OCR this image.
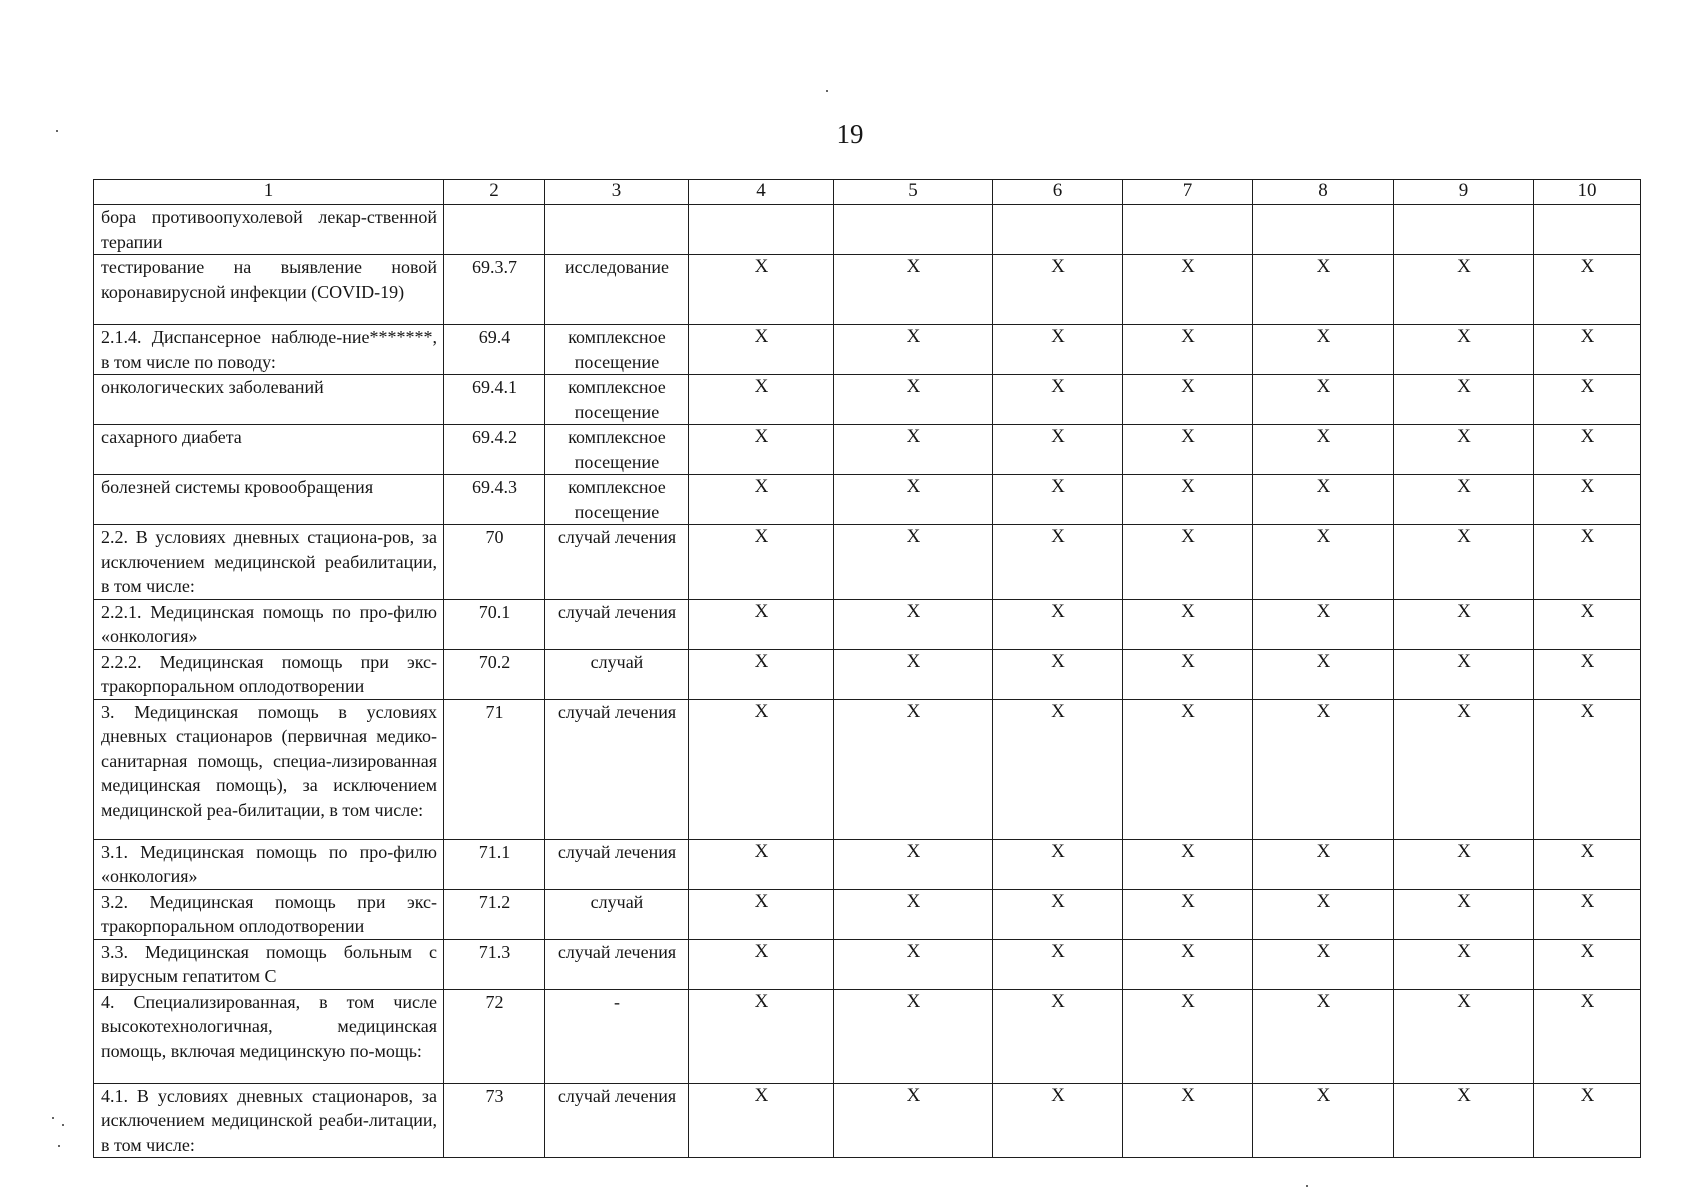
19
1	2	3	4	5	6	7	8	9	10
бора противоопухолевой лекар-ственной терапии									
тестирование на выявление новой коронавирусной инфекции (COVID-19)	69.3.7	исследование	X	X	X	X	X	X	X
2.1.4. Диспансерное наблюде-ние*******, в том числе по поводу:	69.4	комплексное посещение	X	X	X	X	X	X	X
онкологических заболеваний	69.4.1	комплексное посещение	X	X	X	X	X	X	X
сахарного диабета	69.4.2	комплексное посещение	X	X	X	X	X	X	X
болезней системы кровообращения	69.4.3	комплексное посещение	X	X	X	X	X	X	X
2.2. В условиях дневных стациона-ров, за исключением медицинской реабилитации, в том числе:	70	случай лечения	X	X	X	X	X	X	X
2.2.1. Медицинская помощь по про-филю «онкология»	70.1	случай лечения	X	X	X	X	X	X	X
2.2.2. Медицинская помощь при экс-тракорпоральном оплодотворении	70.2	случай	X	X	X	X	X	X	X
3. Медицинская помощь в условиях дневных стационаров (первичная медико-санитарная помощь, специа-лизированная медицинская помощь), за исключением медицинской реа-билитации, в том числе:	71	случай лечения	X	X	X	X	X	X	X
3.1. Медицинская помощь по про-филю «онкология»	71.1	случай лечения	X	X	X	X	X	X	X
3.2. Медицинская помощь при экс-тракорпоральном оплодотворении	71.2	случай	X	X	X	X	X	X	X
3.3. Медицинская помощь больным с вирусным гепатитом С	71.3	случай лечения	X	X	X	X	X	X	X
4. Специализированная, в том числе высокотехнологичная, медицинская помощь, включая медицинскую по-мощь:	72	-	X	X	X	X	X	X	X
4.1. В условиях дневных стационаров, за исключением медицинской реаби-литации, в том числе:	73	случай лечения	X	X	X	X	X	X	X
